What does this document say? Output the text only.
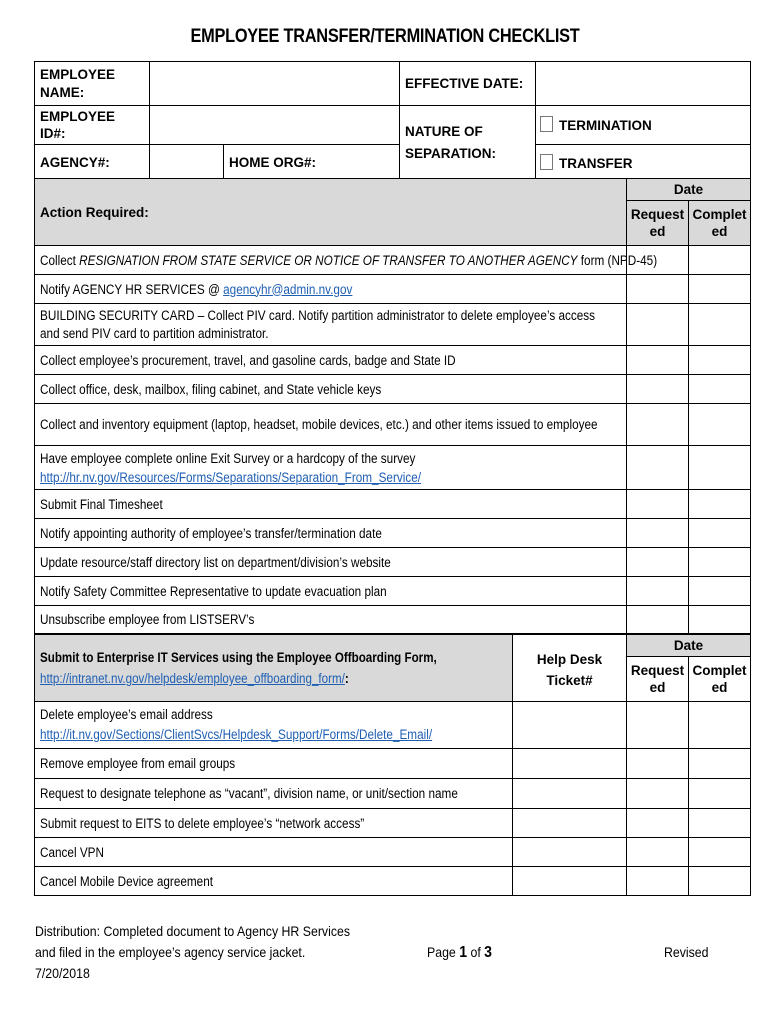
EMPLOYEE TRANSFER/TERMINATION CHECKLIST
EMPLOYEE NAME:			EFFECTIVE DATE:	
EMPLOYEE ID#:			NATURE OF SEPARATION:	TERMINATION
AGENCY#:		HOME ORG#:		TRANSFER
Action Required:	Date	
	Requested	Completed
Collect RESIGNATION FROM STATE SERVICE OR NOTICE OF TRANSFER TO ANOTHER AGENCY form (NPD-45)		
Notify AGENCY HR SERVICES @ agencyhr@admin.nv.gov		
BUILDING SECURITY CARD – Collect PIV card. Notify partition administrator to delete employee’s access and send PIV card to partition administrator.		
Collect employee’s procurement, travel, and gasoline cards, badge and State ID		
Collect office, desk, mailbox, filing cabinet, and State vehicle keys		
Collect and inventory equipment (laptop, headset, mobile devices, etc.) and other items issued to employee		
Have employee complete online Exit Survey or a hardcopy of the survey
http://hr.nv.gov/Resources/Forms/Separations/Separation_From_Service/		
Submit Final Timesheet		
Notify appointing authority of employee’s transfer/termination date		
Update resource/staff directory list on department/division’s website		
Notify Safety Committee Representative to update evacuation plan		
Unsubscribe employee from LISTSERV’s		
Submit to Enterprise IT Services using the Employee Offboarding Form,
http://intranet.nv.gov/helpdesk/employee_offboarding_form/:	Help Desk Ticket#	Date	
		Requested	Completed
Delete employee’s email address
http://it.nv.gov/Sections/ClientSvcs/Helpdesk_Support/Forms/Delete_Email/			
Remove employee from email groups			
Request to designate telephone as “vacant”, division name, or unit/section name			
Submit request to EITS to delete employee’s “network access”			
Cancel VPN			
Cancel Mobile Device agreement			
Distribution: Completed document to Agency HR Services
and filed in the employee’s agency service jacket.
7/20/2018
Page 1 of 3	Revised
